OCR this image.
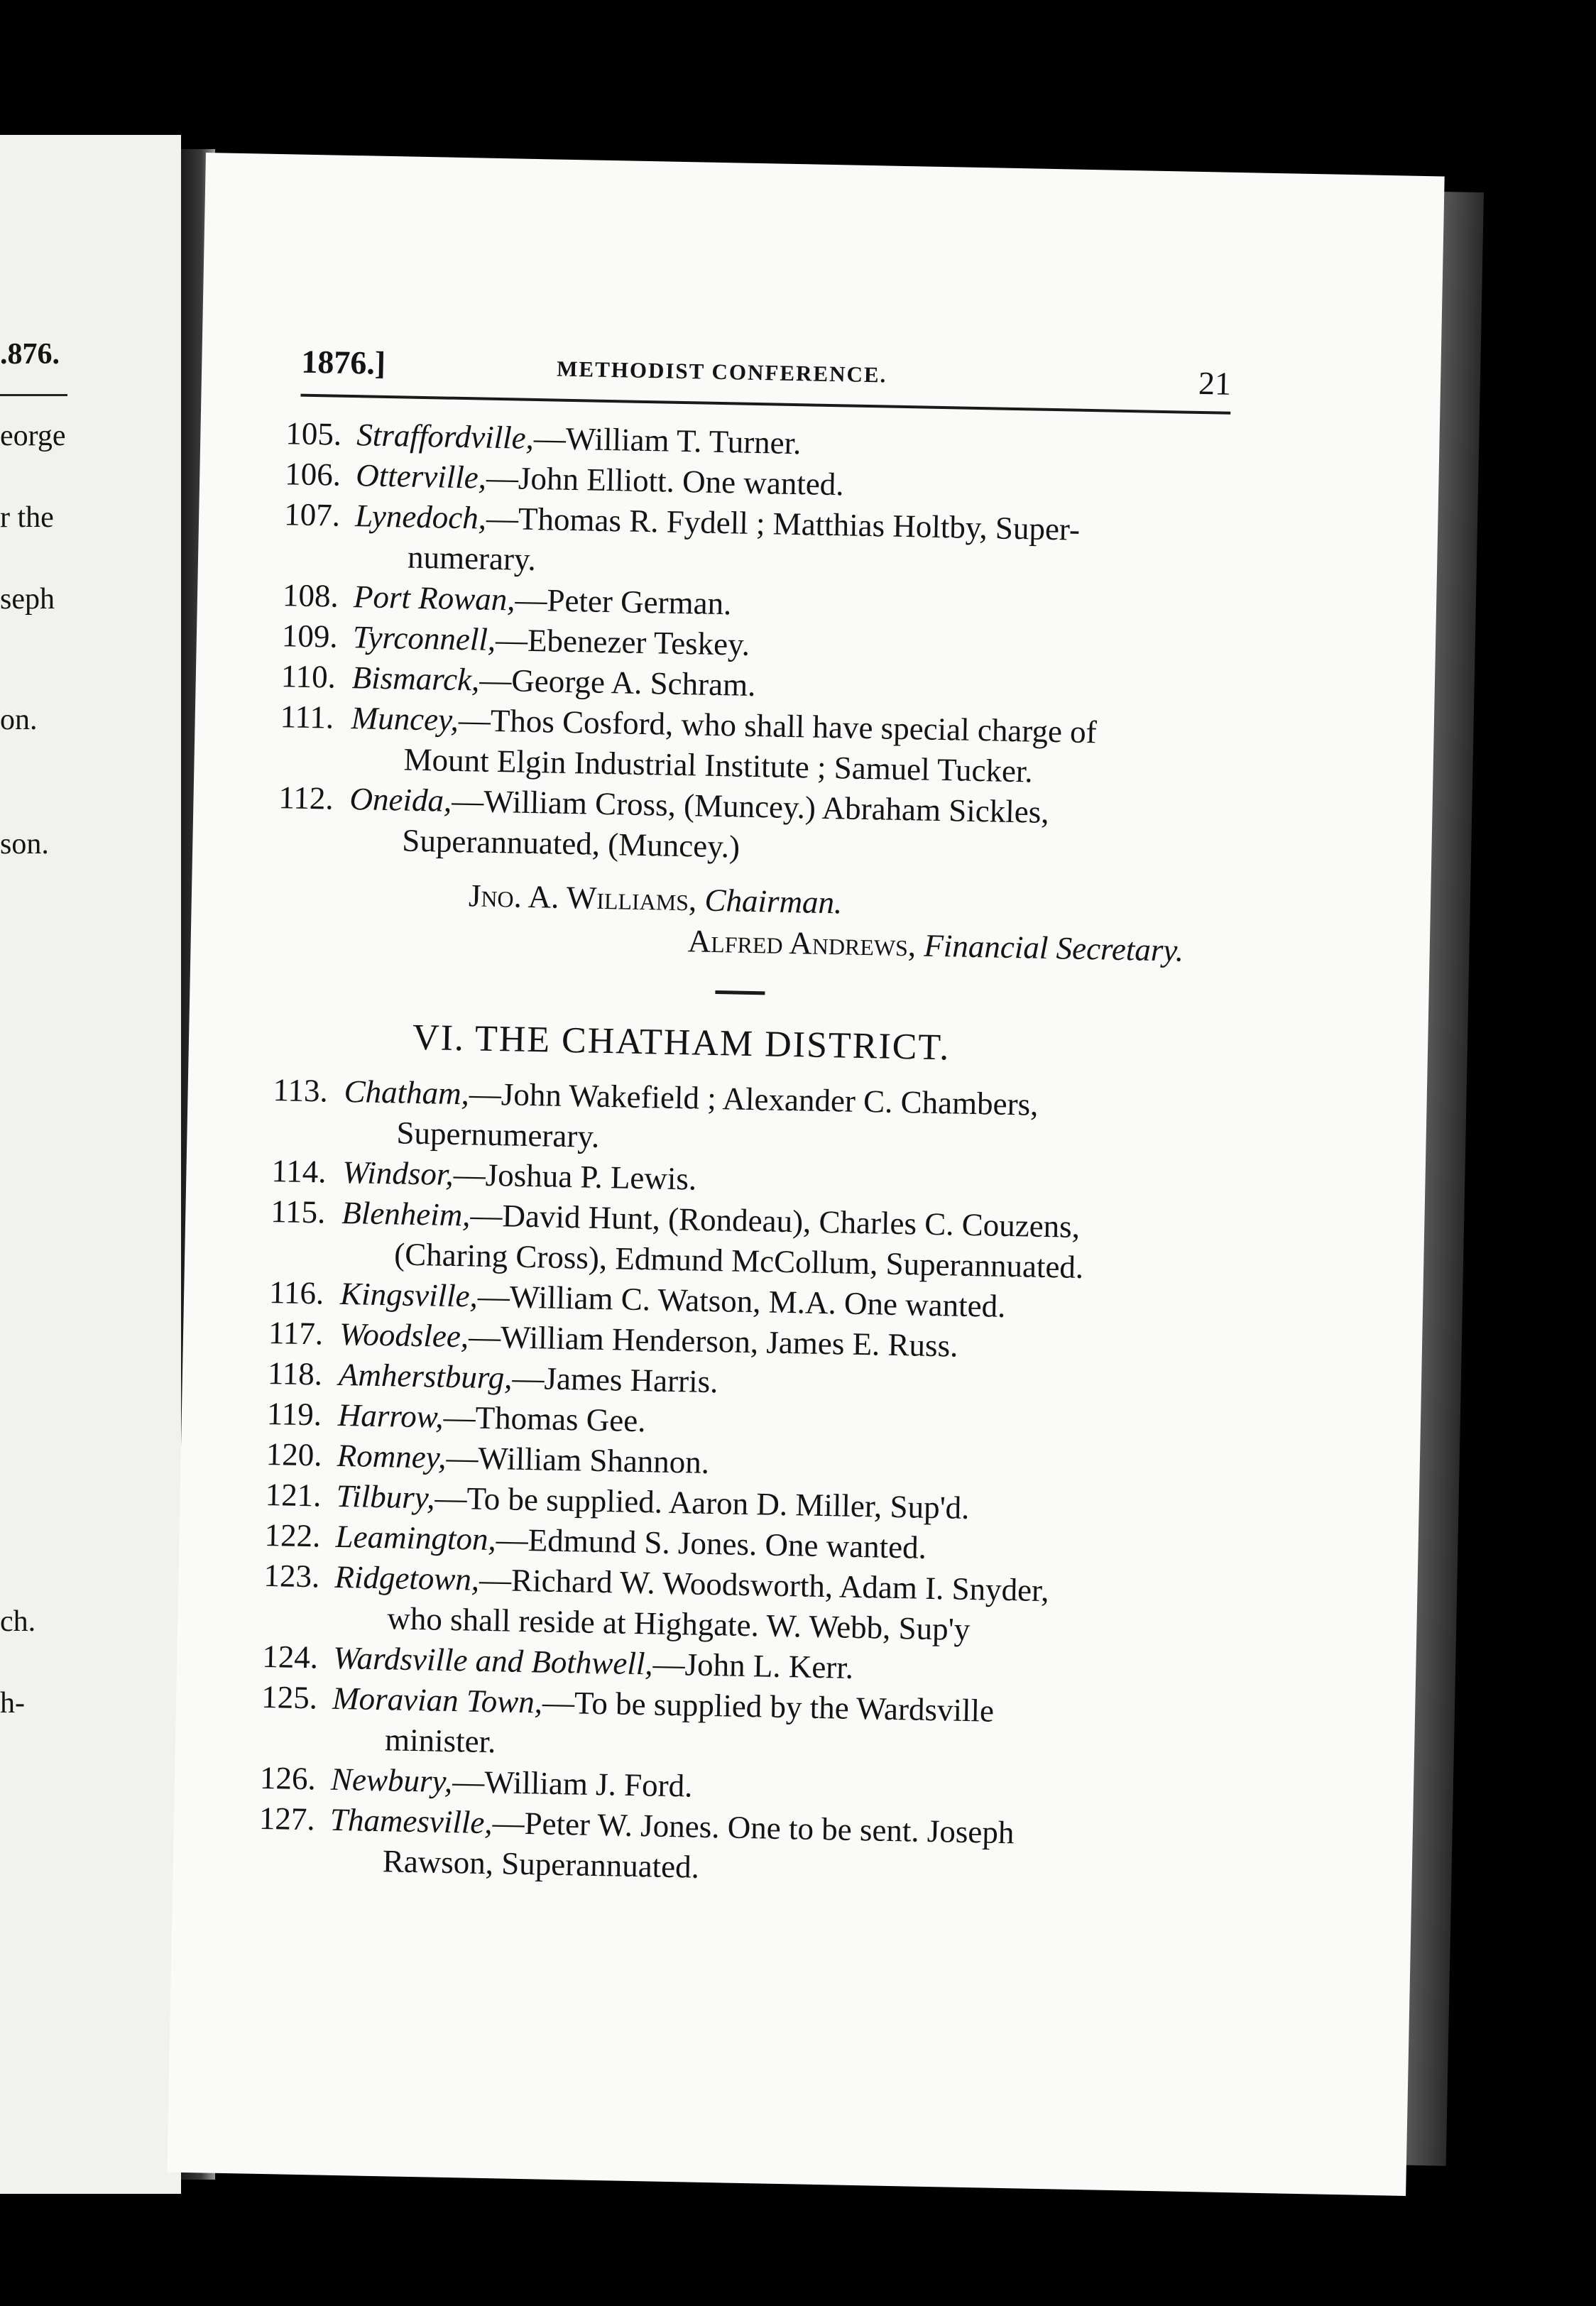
.876.
eorge
r the
seph
on.
son.
ch.
h-
1876.]	METHODIST CONFERENCE.	21
105. Straffordville,—William T. Turner.
106. Otterville,—John Elliott. One wanted.
107. Lynedoch,—Thomas R. Fydell ; Matthias Holtby, Super-
numerary.
108. Port Rowan,—Peter German.
109. Tyrconnell,—Ebenezer Teskey.
110. Bismarck,—George A. Schram.
111. Muncey,—Thos Cosford, who shall have special charge of
Mount Elgin Industrial Institute ; Samuel Tucker.
112. Oneida,—William Cross, (Muncey.) Abraham Sickles,
Superannuated, (Muncey.)
Jno. A. Williams, Chairman.
Alfred Andrews, Financial Secretary.
VI. THE CHATHAM DISTRICT.
113. Chatham,—John Wakefield ; Alexander C. Chambers,
Supernumerary.
114. Windsor,—Joshua P. Lewis.
115. Blenheim,—David Hunt, (Rondeau), Charles C. Couzens,
(Charing Cross), Edmund McCollum, Superannuated.
116. Kingsville,—William C. Watson, M.A. One wanted.
117. Woodslee,—William Henderson, James E. Russ.
118. Amherstburg,—James Harris.
119. Harrow,—Thomas Gee.
120. Romney,—William Shannon.
121. Tilbury,—To be supplied. Aaron D. Miller, Sup'd.
122. Leamington,—Edmund S. Jones. One wanted.
123. Ridgetown,—Richard W. Woodsworth, Adam I. Snyder,
who shall reside at Highgate. W. Webb, Sup'y
124. Wardsville and Bothwell,—John L. Kerr.
125. Moravian Town,—To be supplied by the Wardsville
minister.
126. Newbury,—William J. Ford.
127. Thamesville,—Peter W. Jones. One to be sent. Joseph
Rawson, Superannuated.
